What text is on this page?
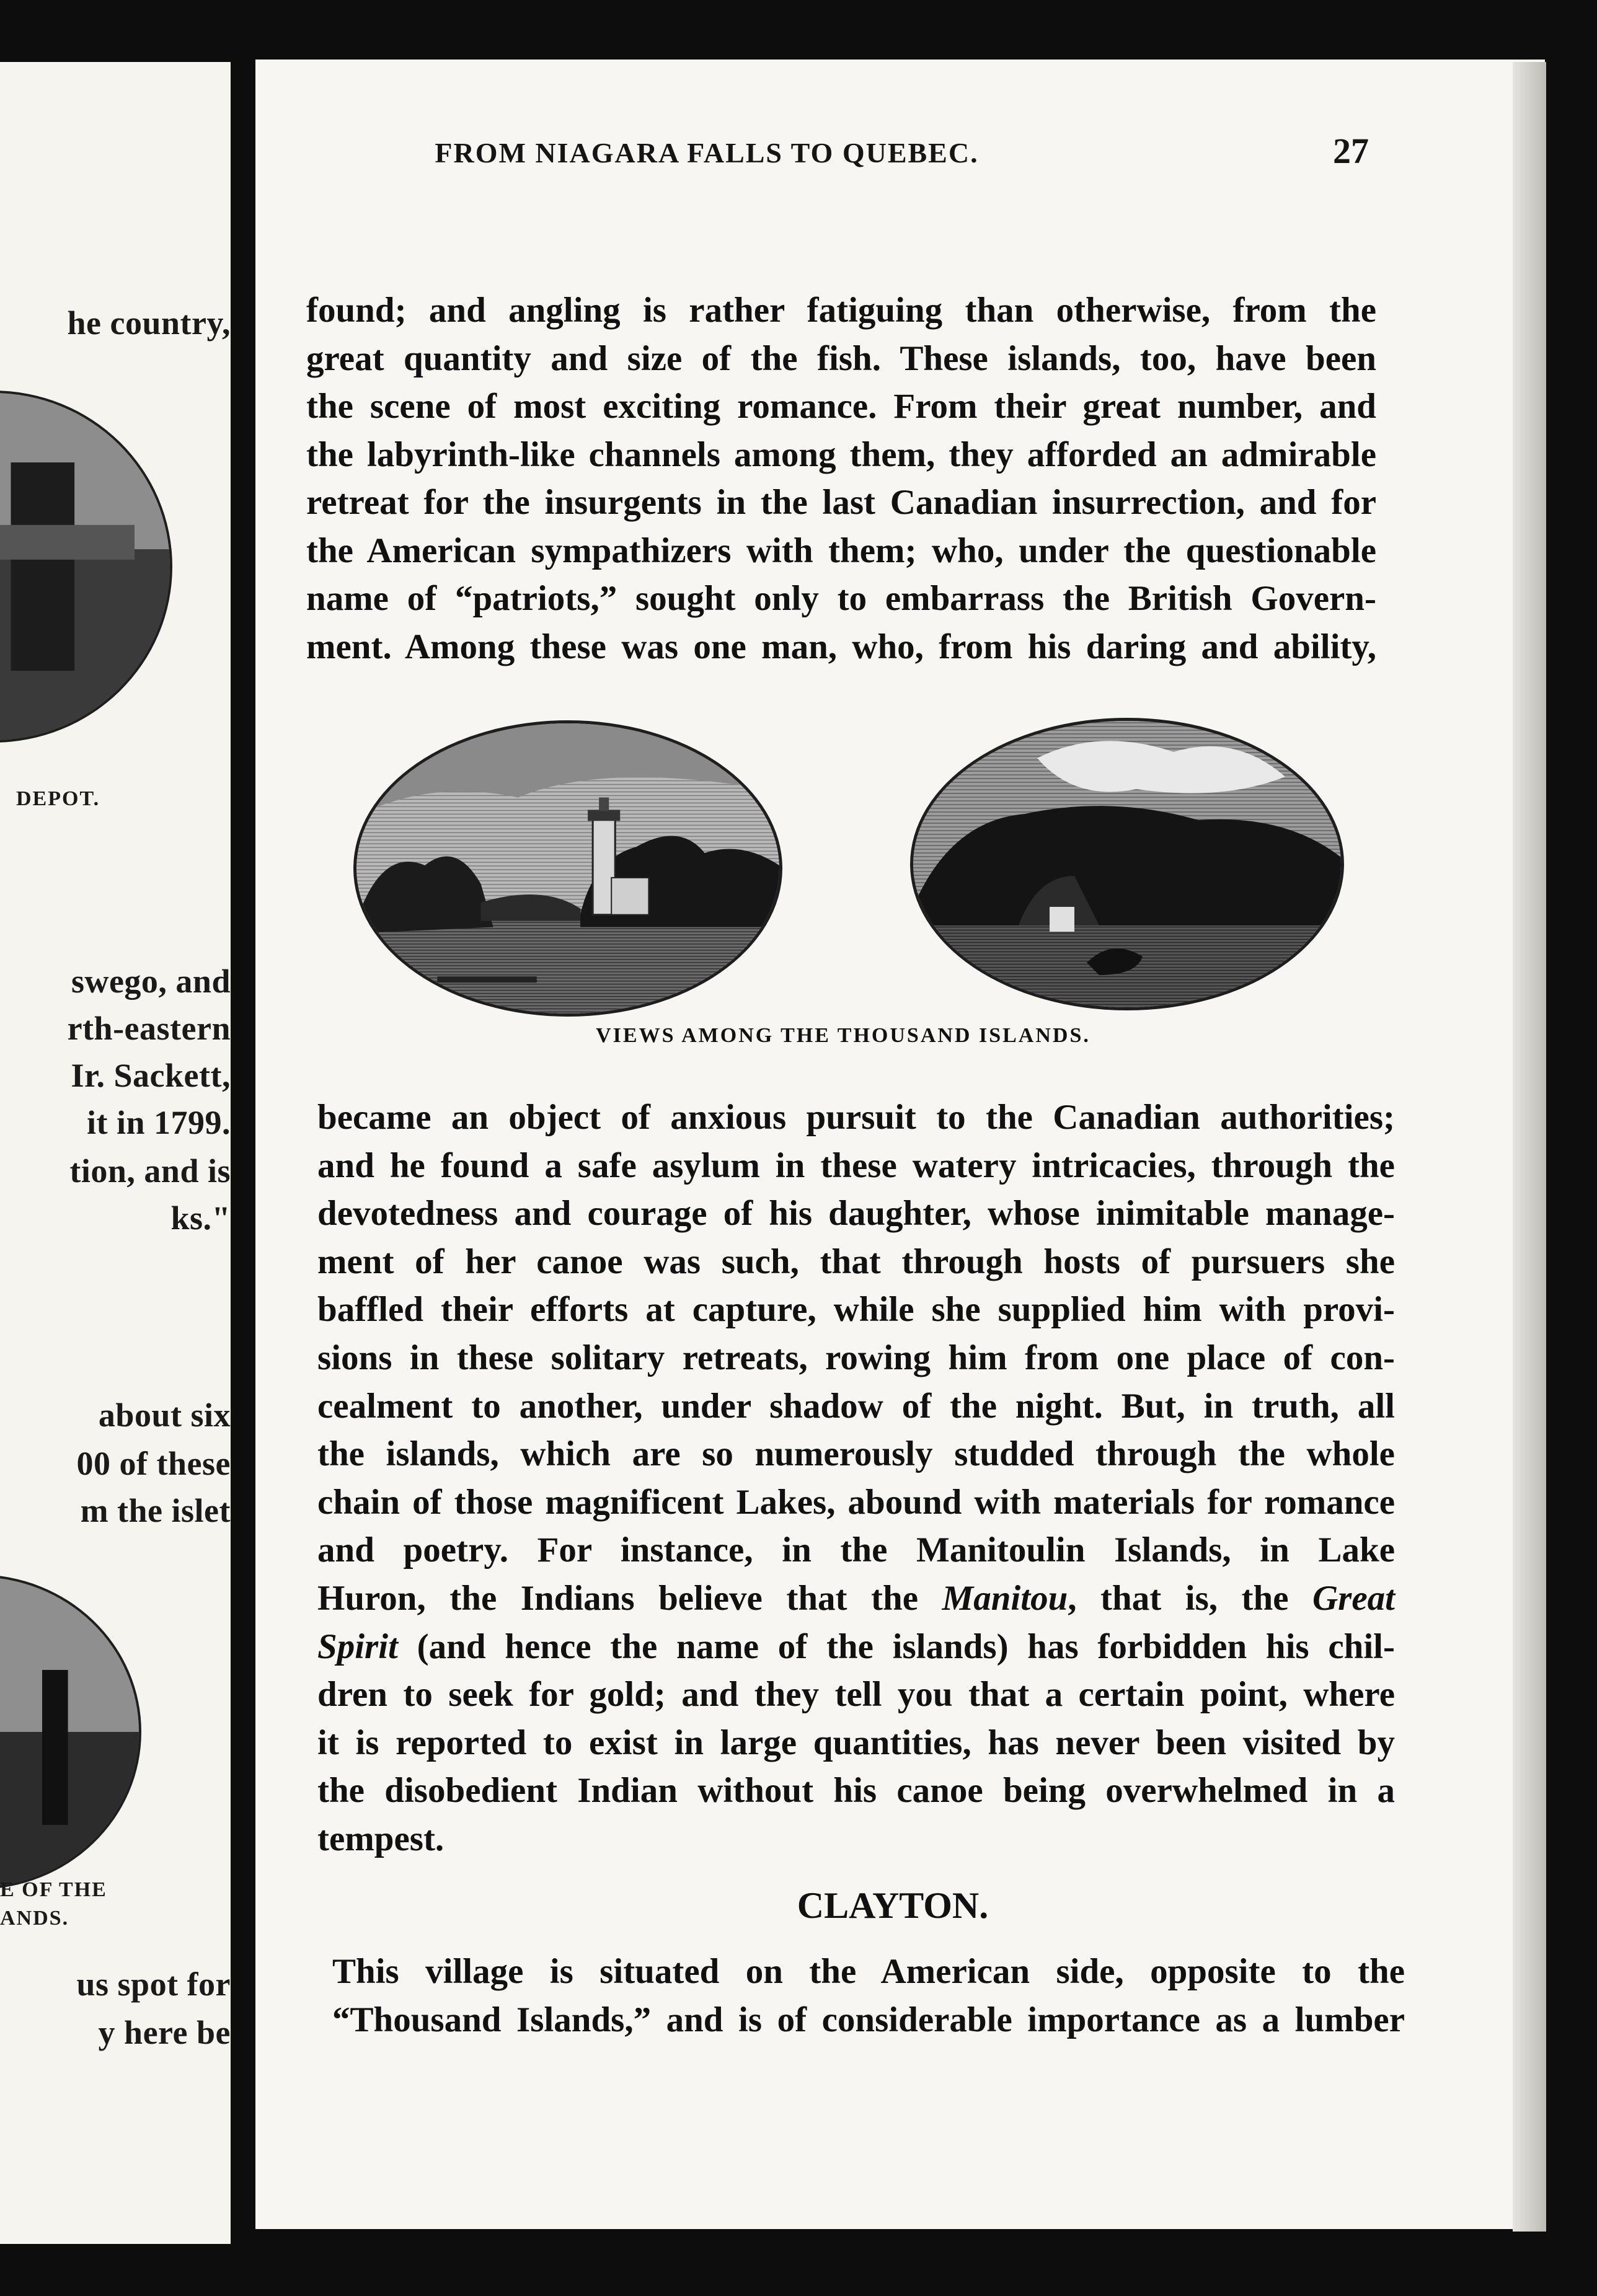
he country,
swego, and
rth-eastern
Ir. Sackett,
it in 1799.
tion, and is
ks."
about six
00 of these
m the islet
us spot for
y here be
DEPOT.
E OF THE
ANDS.
FROM NIAGARA FALLS TO QUEBEC.	27
found; and angling is rather fatiguing than otherwise, from the
great quantity and size of the fish. These islands, too, have been
the scene of most exciting romance. From their great number, and
the labyrinth-like channels among them, they afforded an admirable
retreat for the insurgents in the last Canadian insurrection, and for
the American sympathizers with them; who, under the questionable
name of “patriots,” sought only to embarrass the British Govern-
ment. Among these was one man, who, from his daring and ability,
VIEWS AMONG THE THOUSAND ISLANDS.
became an object of anxious pursuit to the Canadian authorities;
and he found a safe asylum in these watery intricacies, through the
devotedness and courage of his daughter, whose inimitable manage-
ment of her canoe was such, that through hosts of pursuers she
baffled their efforts at capture, while she supplied him with provi-
sions in these solitary retreats, rowing him from one place of con-
cealment to another, under shadow of the night. But, in truth, all
the islands, which are so numerously studded through the whole
chain of those magnificent Lakes, abound with materials for romance
and poetry. For instance, in the Manitoulin Islands, in Lake
Huron, the Indians believe that the Manitou, that is, the Great
Spirit (and hence the name of the islands) has forbidden his chil-
dren to seek for gold; and they tell you that a certain point, where
it is reported to exist in large quantities, has never been visited by
the disobedient Indian without his canoe being overwhelmed in a
tempest.
CLAYTON.
This village is situated on the American side, opposite to the
“Thousand Islands,” and is of considerable importance as a lumber
